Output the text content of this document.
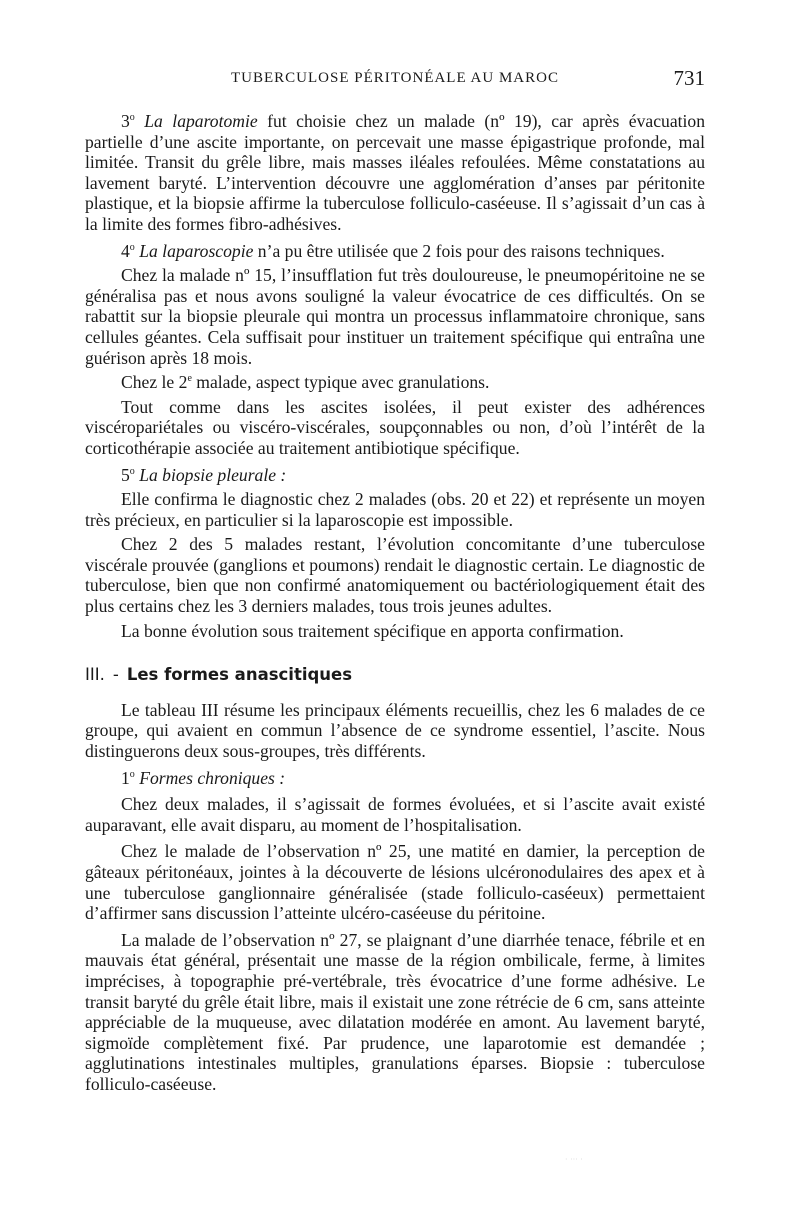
TUBERCULOSE PÉRITONÉALE AU MAROC	731

3$^o$ La laparotomie fut choisie chez un malade (nº 19), car après évacuation partielle d’une ascite importante, on percevait une masse épigastrique profonde, mal limitée. Transit du grêle libre, mais masses iléales refoulées. Même constatations au lavement baryté. L’intervention découvre une agglomération d’anses par péritonite plastique, et la biopsie affirme la tuberculose folliculo-caséeuse. Il s’agissait d’un cas à la limite des formes fibro-adhésives.

4$^o$ La laparoscopie n’a pu être utilisée que 2 fois pour des raisons techniques.

Chez la malade nº 15, l’insufflation fut très douloureuse, le pneumopéritoine ne se généralisa pas et nous avons souligné la valeur évocatrice de ces difficultés. On se rabattit sur la biopsie pleurale qui montra un processus inflammatoire chronique, sans cellules géantes. Cela suffisait pour instituer un traitement spécifique qui entraîna une guérison après 18 mois.

Chez le 2e malade, aspect typique avec granulations.

Tout comme dans les ascites isolées, il peut exister des adhérences viscéropariétales ou viscéro-viscérales, soupçonnables ou non, d’où l’intérêt de la corticothérapie associée au traitement antibiotique spécifique.

5$^o$ La biopsie pleurale :

Elle confirma le diagnostic chez 2 malades (obs. 20 et 22) et représente un moyen très précieux, en particulier si la laparoscopie est impossible.

Chez 2 des 5 malades restant, l’évolution concomitante d’une tuberculose viscérale prouvée (ganglions et poumons) rendait le diagnostic certain. Le diagnostic de tuberculose, bien que non confirmé anatomiquement ou bactériologiquement était des plus certains chez les 3 derniers malades, tous trois jeunes adultes.

La bonne évolution sous traitement spécifique en apporta confirmation.

III. - Les formes anascitiques

Le tableau III résume les principaux éléments recueillis, chez les 6 malades de ce groupe, qui avaient en commun l’absence de ce syndrome essentiel, l’ascite. Nous distinguerons deux sous-groupes, très différents.

1$^o$ Formes chroniques :

Chez deux malades, il s’agissait de formes évoluées, et si l’ascite avait existé auparavant, elle avait disparu, au moment de l’hospitalisation.

Chez le malade de l’observation nº 25, une matité en damier, la perception de gâteaux péritonéaux, jointes à la découverte de lésions ulcéronodulaires des apex et à une tuberculose ganglionnaire généralisée (stade folliculo-caséeux) permettaient d’affirmer sans discussion l’atteinte ulcéro-caséeuse du péritoine.

La malade de l’observation nº 27, se plaignant d’une diarrhée tenace, fébrile et en mauvais état général, présentait une masse de la région ombilicale, ferme, à limites imprécises, à topographie pré-vertébrale, très évocatrice d’une forme adhésive. Le transit baryté du grêle était libre, mais il existait une zone rétrécie de 6 cm, sans atteinte appréciable de la muqueuse, avec dilatation modérée en amont. Au lavement baryté, sigmoïde complètement fixé. Par prudence, une laparotomie est demandée ; agglutinations intestinales multiples, granulations éparses. Biopsie : tuberculose folliculo-caséeuse.

· ··· ·
